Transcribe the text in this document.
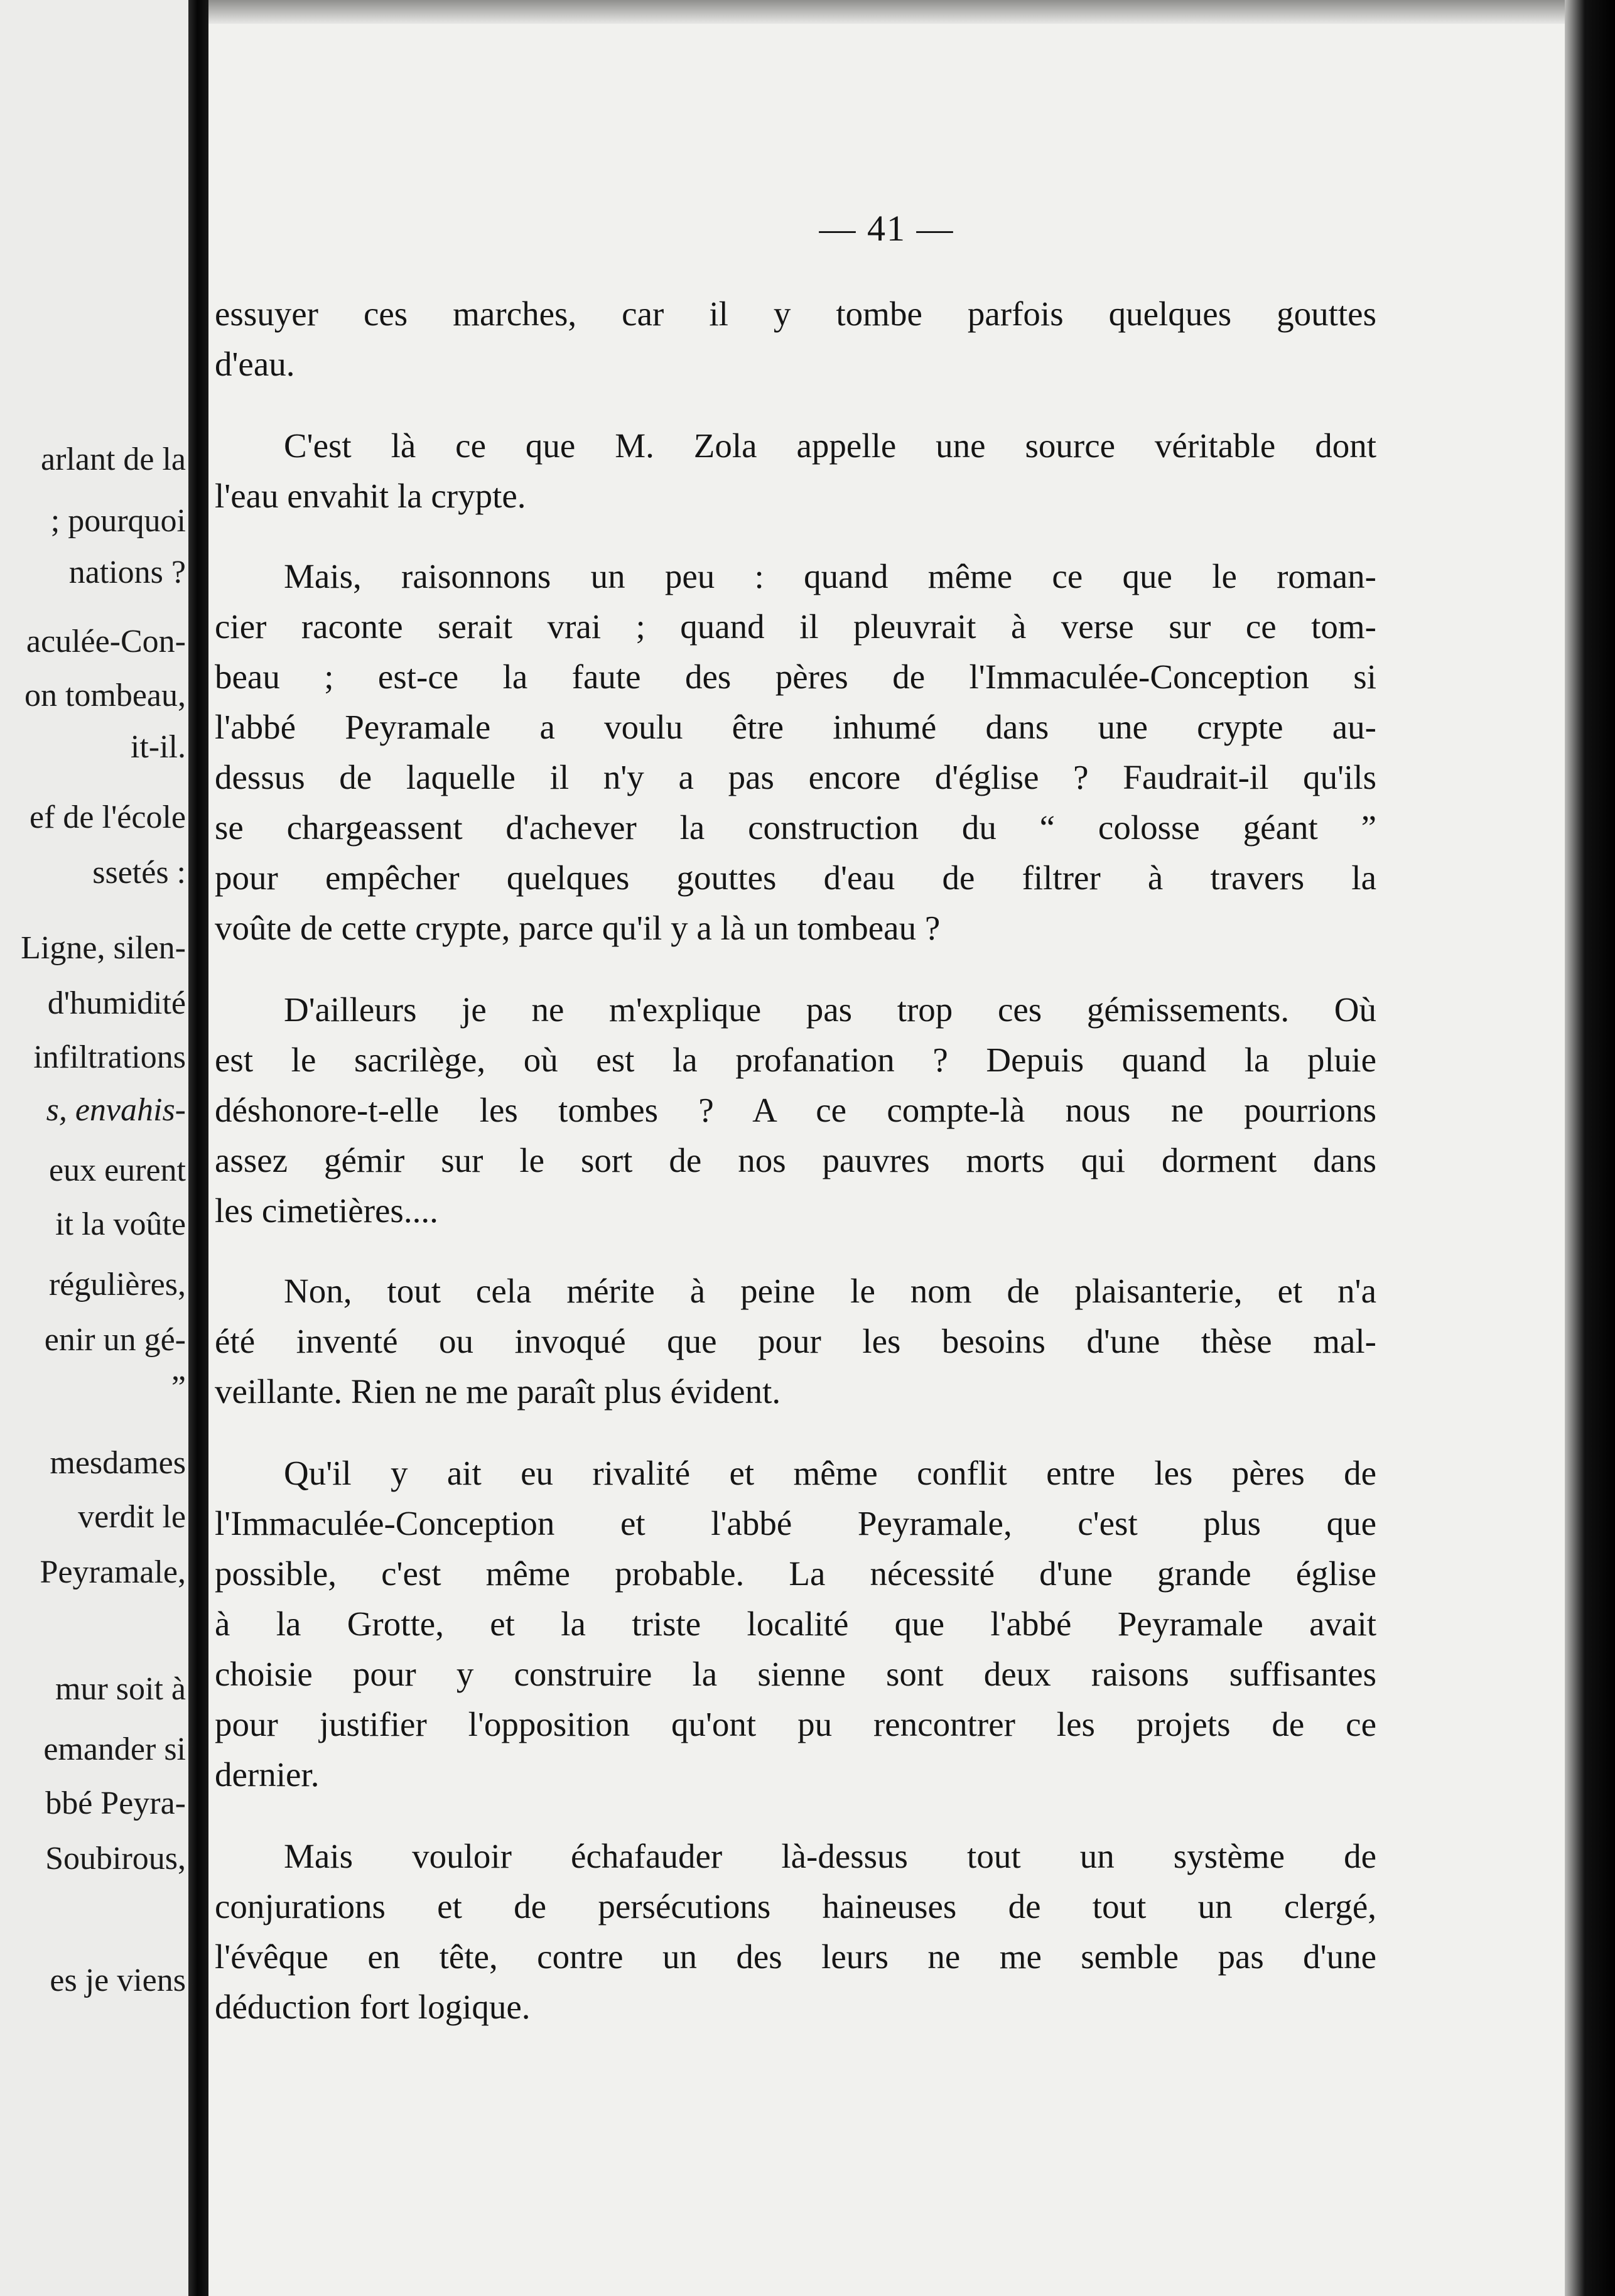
arlant de la
; pourquoi
nations ?
aculée-Con-
on tombeau,
it-il.
ef de l'école
ssetés :
Ligne, silen-
d'humidité
infiltrations
s, envahis-
eux eurent
it la voûte
régulières,
enir un gé-
”
mesdames
verdit le
Peyramale,
mur soit à
emander si
bbé Peyra-
Soubirous,
es je viens
— 41 —
essuyer ces marches, car il y tombe parfois quelques gouttes
d'eau.
C'est là ce que M. Zola appelle une source véritable dont
l'eau envahit la crypte.
Mais, raisonnons un peu : quand même ce que le roman-
cier raconte serait vrai ; quand il pleuvrait à verse sur ce tom-
beau ; est-ce la faute des pères de l'Immaculée-Conception si
l'abbé Peyramale a voulu être inhumé dans une crypte au-
dessus de laquelle il n'y a pas encore d'église ? Faudrait-il qu'ils
se chargeassent d'achever la construction du “ colosse géant ”
pour empêcher quelques gouttes d'eau de filtrer à travers la
voûte de cette crypte, parce qu'il y a là un tombeau ?
D'ailleurs je ne m'explique pas trop ces gémissements. Où
est le sacrilège, où est la profanation ? Depuis quand la pluie
déshonore-t-elle les tombes ? A ce compte-là nous ne pourrions
assez gémir sur le sort de nos pauvres morts qui dorment dans
les cimetières....
Non, tout cela mérite à peine le nom de plaisanterie, et n'a
été inventé ou invoqué que pour les besoins d'une thèse mal-
veillante. Rien ne me paraît plus évident.
Qu'il y ait eu rivalité et même conflit entre les pères de
l'Immaculée-Conception et l'abbé Peyramale, c'est plus que
possible, c'est même probable. La nécessité d'une grande église
à la Grotte, et la triste localité que l'abbé Peyramale avait
choisie pour y construire la sienne sont deux raisons suffisantes
pour justifier l'opposition qu'ont pu rencontrer les projets de ce
dernier.
Mais vouloir échafauder là-dessus tout un système de
conjurations et de persécutions haineuses de tout un clergé,
l'évêque en tête, contre un des leurs ne me semble pas d'une
déduction fort logique.
